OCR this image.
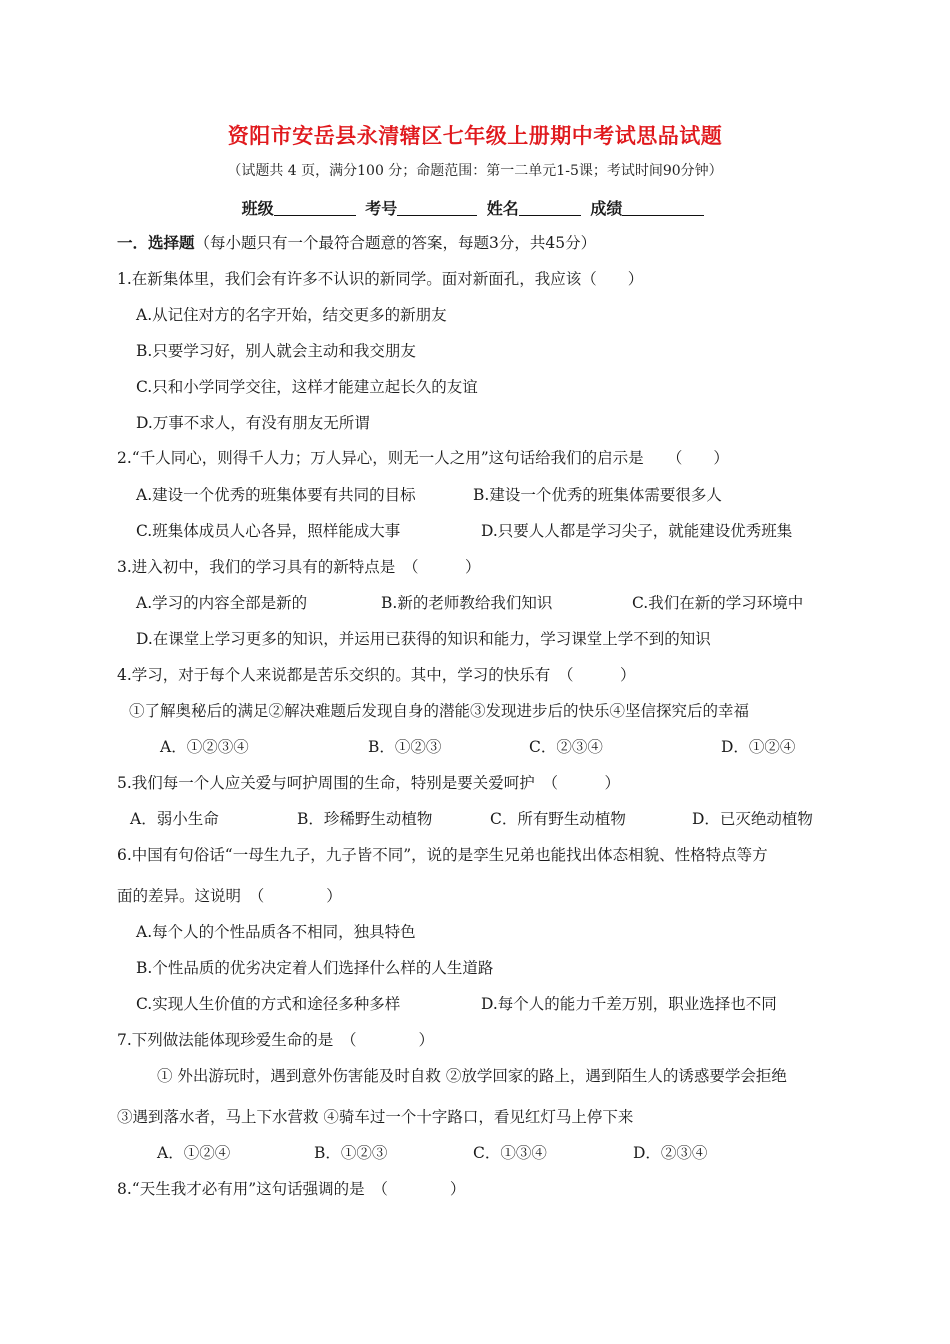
资阳市安岳县永清辖区七年级上册期中考试思品试题
（试题共 4 页，满分100 分；命题范围：第一二单元1-5课；考试时间90分钟）
班级	考号	姓名	成绩
一．选择题（每小题只有一个最符合题意的答案，每题3分，共45分）
1.在新集体里，我们会有许多不认识的新同学。面对新面孔，我应该（　　）
A.从记住对方的名字开始，结交更多的新朋友
B.只要学习好，别人就会主动和我交朋友
C.只和小学同学交往，这样才能建立起长久的友谊
D.万事不求人，有没有朋友无所谓
2.“千人同心，则得千人力；万人异心，则无一人之用”这句话给我们的启示是　　（　　）
A.建设一个优秀的班集体要有共同的目标	B.建设一个优秀的班集体需要很多人
C.班集体成员人心各异，照样能成大事	D.只要人人都是学习尖子，就能建设优秀班集
3.进入初中，我们的学习具有的新特点是　（　　　）
A.学习的内容全部是新的	B.新的老师教给我们知识	C.我们在新的学习环境中
D.在课堂上学习更多的知识，并运用已获得的知识和能力，学习课堂上学不到的知识
4.学习，对于每个人来说都是苦乐交织的。其中，学习的快乐有　（　　　）
①了解奥秘后的满足②解决难题后发现自身的潜能③发现进步后的快乐④坚信探究后的幸福
A．①②③④	B．①②③	C．②③④	D．①②④
5.我们每一个人应关爱与呵护周围的生命，特别是要关爱呵护　（　　　）
A．弱小生命	B．珍稀野生动植物	C．所有野生动植物	D．已灭绝动植物
6.中国有句俗话“一母生九子，九子皆不同”，说的是孪生兄弟也能找出体态相貌、性格特点等方
面的差异。这说明　（　　　　）
A.每个人的个性品质各不相同，独具特色
B.个性品质的优劣决定着人们选择什么样的人生道路
C.实现人生价值的方式和途径多种多样	D.每个人的能力千差万别，职业选择也不同
7.下列做法能体现珍爱生命的是　（　　　　）
① 外出游玩时，遇到意外伤害能及时自救 ②放学回家的路上，遇到陌生人的诱惑要学会拒绝
③遇到落水者，马上下水营救 ④骑车过一个十字路口，看见红灯马上停下来
A．①②④	B．①②③	C．①③④	D．②③④
8.“天生我才必有用”这句话强调的是　（　　　　）
